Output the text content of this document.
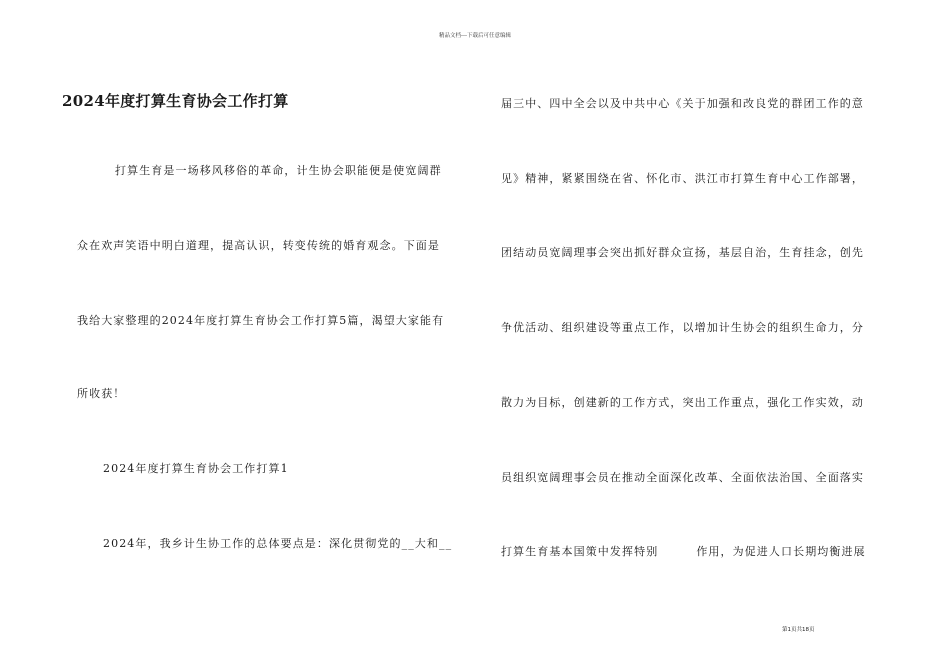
精品文档---下载后可任意编辑
2024年度打算生育协会工作打算
打算生育是一场移风移俗的革命，计生协会职能便是使宽阔群
众在欢声笑语中明白道理，提高认识，转变传统的婚育观念。下面是
我给大家整理的2024年度打算生育协会工作打算5篇，渴望大家能有
所收获！
2024年度打算生育协会工作打算1
2024年，我乡计生协工作的总体要点是：深化贯彻党的__大和__
届三中、四中全会以及中共中心《关于加强和改良党的群团工作的意
见》精神，紧紧围绕在省、怀化市、洪江市打算生育中心工作部署，
团结动员宽阔理事会突出抓好群众宣扬，基层自治，生育挂念，创先
争优活动、组织建设等重点工作，以增加计生协会的组织生命力，分
散力为目标，创建新的工作方式，突出工作重点，强化工作实效，动
员组织宽阔理事会员在推动全面深化改革、全面依法治国、全面落实
打算生育基本国策中发挥特别	作用，为促进人口长期均衡进展
第1页共18页
